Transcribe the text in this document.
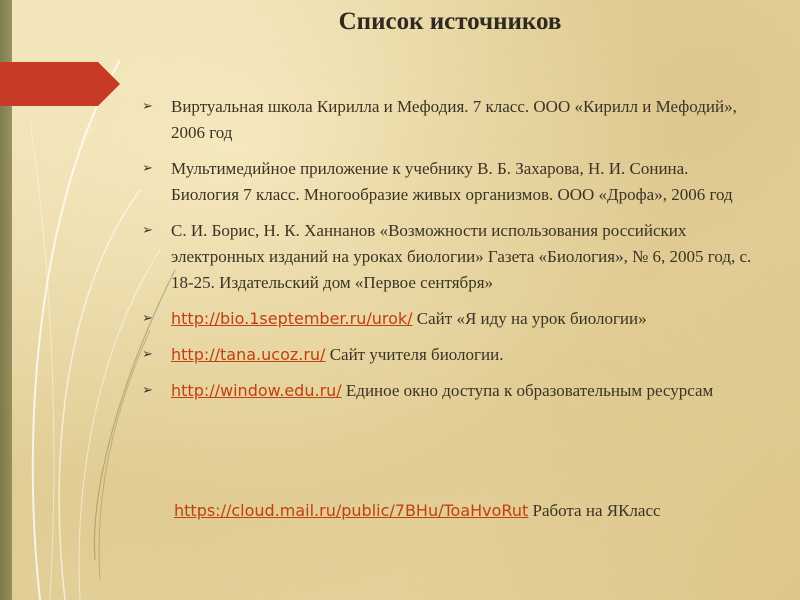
Список источников
➢ Виртуальная школа Кирилла и Мефодия. 7 класс. ООО «Кирилл и Мефодий», 2006 год
➢ Мультимедийное приложение к учебнику В. Б. Захарова, Н. И. Сонина. Биология 7 класс. Многообразие живых организмов. ООО «Дрофа», 2006 год
➢ С. И. Борис, Н. К. Ханнанов «Возможности использования российских электронных изданий на уроках биологии» Газета «Биология», № 6, 2005 год, с. 18-25. Издательский дом «Первое сентября»
➢ http://bio.1september.ru/urok/ Сайт «Я иду на урок биологии»
➢ http://tana.ucoz.ru/ Сайт учителя биологии.
➢ http://window.edu.ru/ Единое окно доступа к образовательным ресурсам

https://cloud.mail.ru/public/7BHu/ToaHvoRut Работа на ЯКласс
